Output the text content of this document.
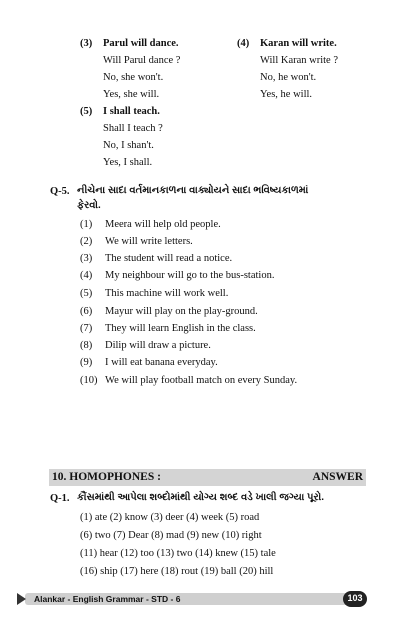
(3) Parul will dance.
Will Parul dance ?
No, she won't.
Yes, she will.
(4) Karan will write.
Will Karan write ?
No, he won't.
Yes, he will.
(5) I shall teach.
Shall I teach ?
No, I shan't.
Yes, I shall.
Q-5. નીચેના સાદા વર્તમાનકાળના વાક્યોયને સાદા ભવિષ્યકાળમાં
ફેરવો.
(1) Meera will help old people.
(2) We will write letters.
(3) The student will read a notice.
(4) My neighbour will go to the bus-station.
(5) This machine will work well.
(6) Mayur will play on the play-ground.
(7) They will learn English in the class.
(8) Dilip will draw a picture.
(9) I will eat banana everyday.
(10) We will play football match on every Sunday.
10. HOMOPHONES :	ANSWER
Q-1. કૌંસમાંથી આપેલા શબ્દોમાંથી યોગ્ય શબ્દ વડે ખાલી જગ્યા પૂરો.
(1) ate (2) know (3) deer (4) week (5) road
(6) two (7) Dear (8) mad (9) new (10) right
(11) hear (12) too (13) two (14) knew (15) tale
(16) ship (17) here (18) rout (19) ball (20) hill
Alankar - English Grammar - STD - 6	103
